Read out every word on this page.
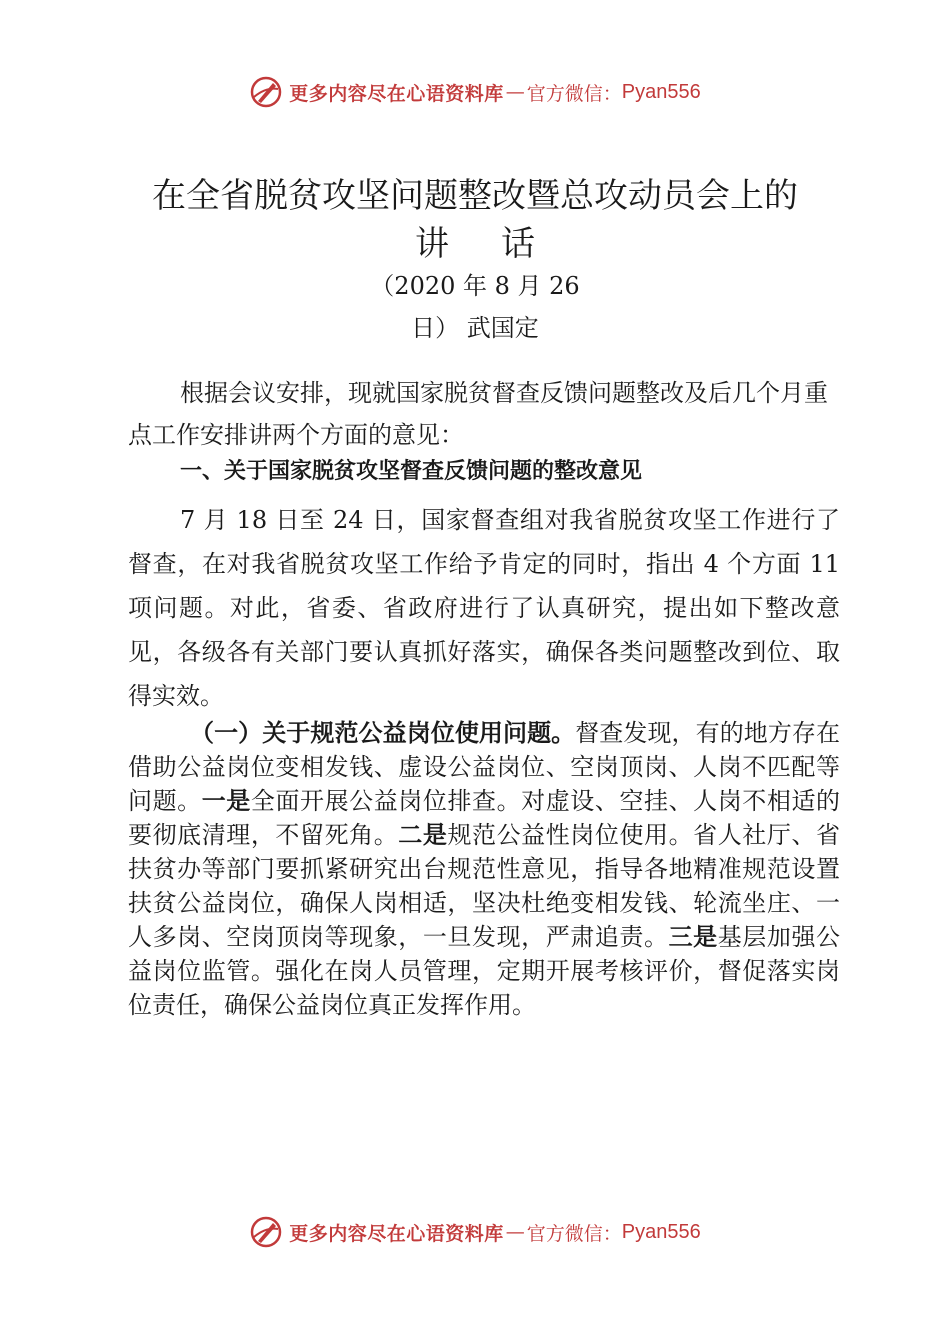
更多内容尽在心语资料库 — 官方微信： Pyan556
在全省脱贫攻坚问题整改暨总攻动员会上的
讲话
（2020 年 8 月 26
日） 武国定

根据会议安排，现就国家脱贫督查反馈问题整改及后几个月重点工作安排讲两个方面的意见：

一、关于国家脱贫攻坚督查反馈问题的整改意见

7 月 18 日至 24 日，国家督查组对我省脱贫攻坚工作进行了督查，在对我省脱贫攻坚工作给予肯定的同时，指出 4 个方面 11 项问题。对此，省委、省政府进行了认真研究，提出如下整改意见，各级各有关部门要认真抓好落实，确保各类问题整改到位、取得实效。

（一）关于规范公益岗位使用问题。督查发现，有的地方存在借助公益岗位变相发钱、虚设公益岗位、空岗顶岗、人岗不匹配等问题。一是全面开展公益岗位排查。对虚设、空挂、人岗不相适的要彻底清理，不留死角。二是规范公益性岗位使用。省人社厅、省扶贫办等部门要抓紧研究出台规范性意见，指导各地精准规范设置扶贫公益岗位，确保人岗相适，坚决杜绝变相发钱、轮流坐庄、一人多岗、空岗顶岗等现象，一旦发现，严肃追责。三是基层加强公益岗位监管。强化在岗人员管理，定期开展考核评价，督促落实岗位责任，确保公益岗位真正发挥作用。

更多内容尽在心语资料库 — 官方微信： Pyan556
